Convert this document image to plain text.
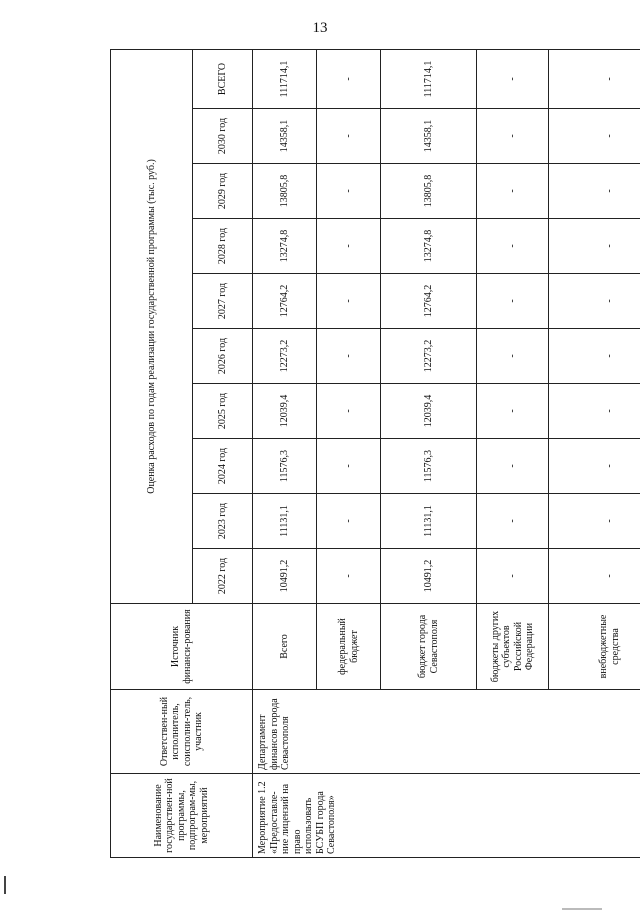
13
Наименование государствен-ной программы, подпрограм-мы, мероприятий	Ответствен-ный исполнитель, соисполни-тель, участник	Источник финанси-рования	Оценка расходов по годам реализации государственной программы (тыс. руб.)									
			2022 год	2023 год	2024 год	2025 год	2026 год	2027 год	2028 год	2029 год	2030 год	ВСЕГО
Мероприятие 1.2 «Предоставле-ние лицензий на право использовать БСУБП города Севастополя»	Департамент финансов города Севастополя	Всего	10491,2	11131,1	11576,3	12039,4	12273,2	12764,2	13274,8	13805,8	14358,1	111714,1
		федеральный бюджет	-	-	-	-	-	-	-	-	-	-
		бюджет города Севастополя	10491,2	11131,1	11576,3	12039,4	12273,2	12764,2	13274,8	13805,8	14358,1	111714,1
		бюджеты других субъектов Российской Федерации	-	-	-	-	-	-	-	-	-	-
		внебюджетные средства	-	-	-	-	-	-	-	-	-	-
